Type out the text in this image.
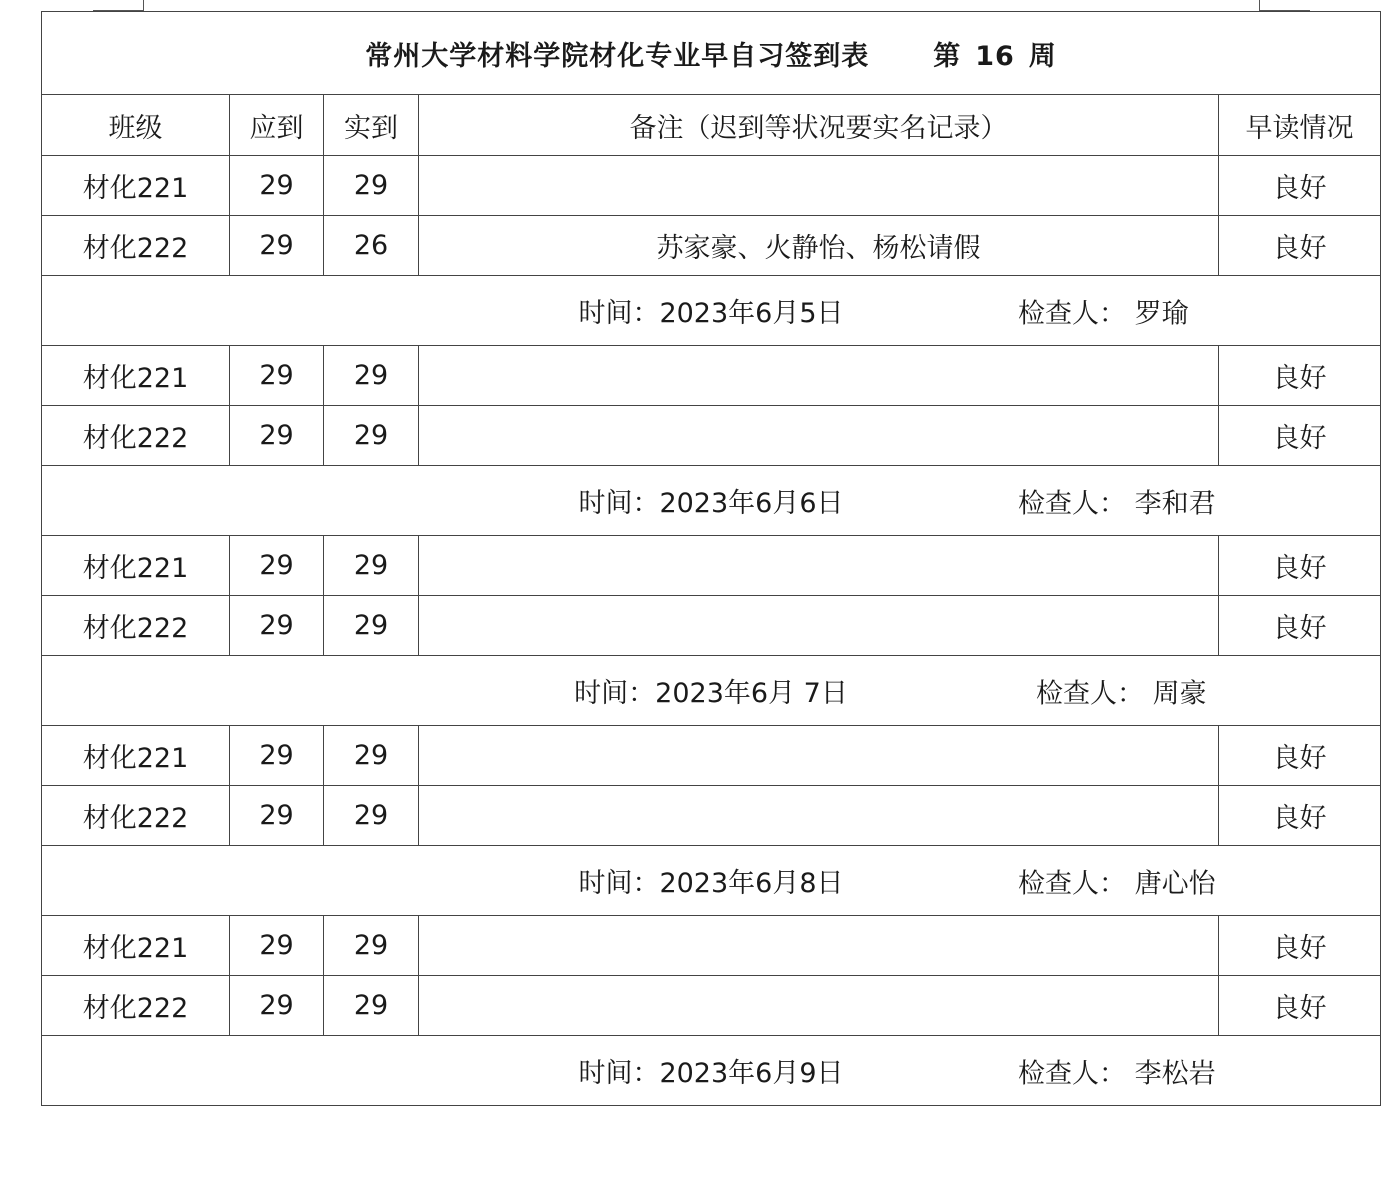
常州大学材料学院材化专业早自习签到表 第 16 周				
班级	应到	实到	备注（迟到等状况要实名记录）	早读情况
材化221	29	29		良好
材化222	29	26	苏家豪、火静怡、杨松请假	良好
时间：2023年6月5日 检查人： 罗瑜				

材化221	29	29		良好
材化222	29	29		良好
时间：2023年6月6日 检查人： 李和君				

材化221	29	29		良好
材化222	29	29		良好
时间：2023年6月 7日 检查人： 周豪				

材化221	29	29		良好
材化222	29	29		良好
时间：2023年6月8日 检查人： 唐心怡				

材化221	29	29		良好
材化222	29	29		良好
时间：2023年6月9日 检查人： 李松岩				
